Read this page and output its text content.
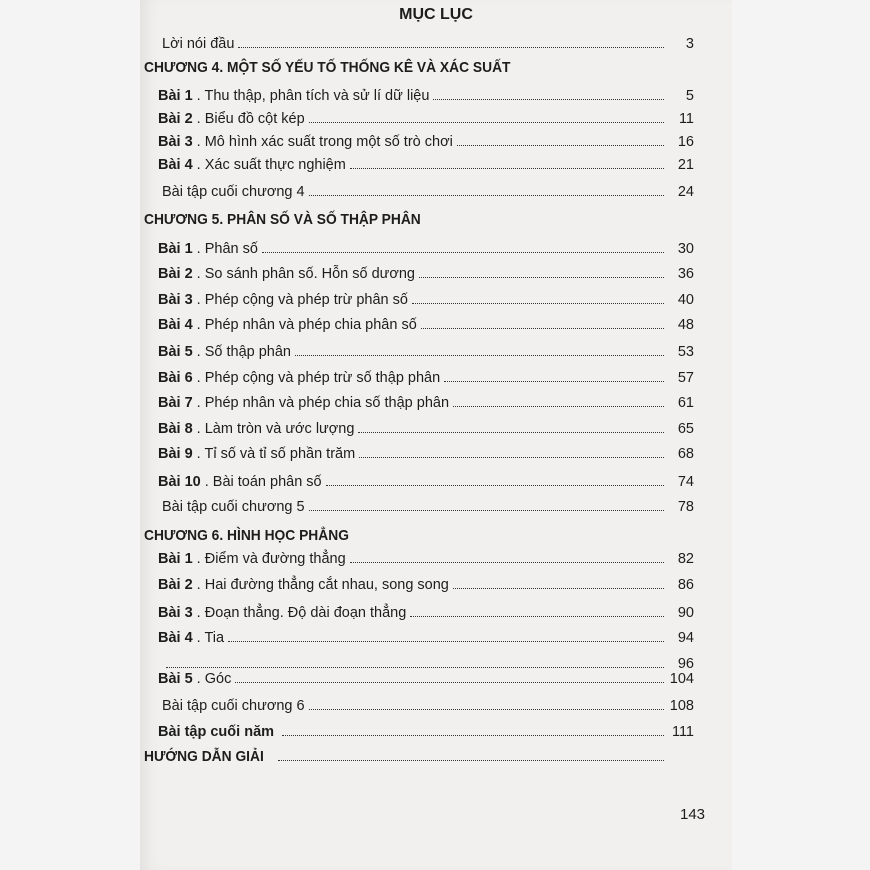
MỤC LỤC
Lời nói đầu	3
CHƯƠNG 4. MỘT SỐ YẾU TỐ THỐNG KÊ VÀ XÁC SUẤT
Bài 1 . Thu thập, phân tích và sử lí dữ liệu	5
Bài 2 . Biểu đồ cột kép	11
Bài 3 . Mô hình xác suất trong một số trò chơi	16
Bài 4 . Xác suất thực nghiệm	21
Bài tập cuối chương 4	24
CHƯƠNG 5. PHÂN SỐ VÀ SỐ THẬP PHÂN
Bài 1 . Phân số	30
Bài 2 . So sánh phân số. Hỗn số dương	36
Bài 3 . Phép cộng và phép trừ phân số	40
Bài 4 . Phép nhân và phép chia phân số	48
Bài 5 . Số thập phân	53
Bài 6 . Phép cộng và phép trừ số thập phân	57
Bài 7 . Phép nhân và phép chia số thập phân	61
Bài 8 . Làm tròn và ước lượng	65
Bài 9 . Tỉ số và tỉ số phần trăm	68
Bài 10 . Bài toán phân số	74
Bài tập cuối chương 5	78
CHƯƠNG 6. HÌNH HỌC PHẲNG
Bài 1 . Điểm và đường thẳng	82
Bài 2 . Hai đường thẳng cắt nhau, song song	86
Bài 3 . Đoạn thẳng. Độ dài đoạn thẳng	90
Bài 4 . Tia	94
96
Bài 5 . Góc	104
Bài tập cuối chương 6	108
Bài tập cuối năm	111
HƯỚNG DẪN GIẢI
143
